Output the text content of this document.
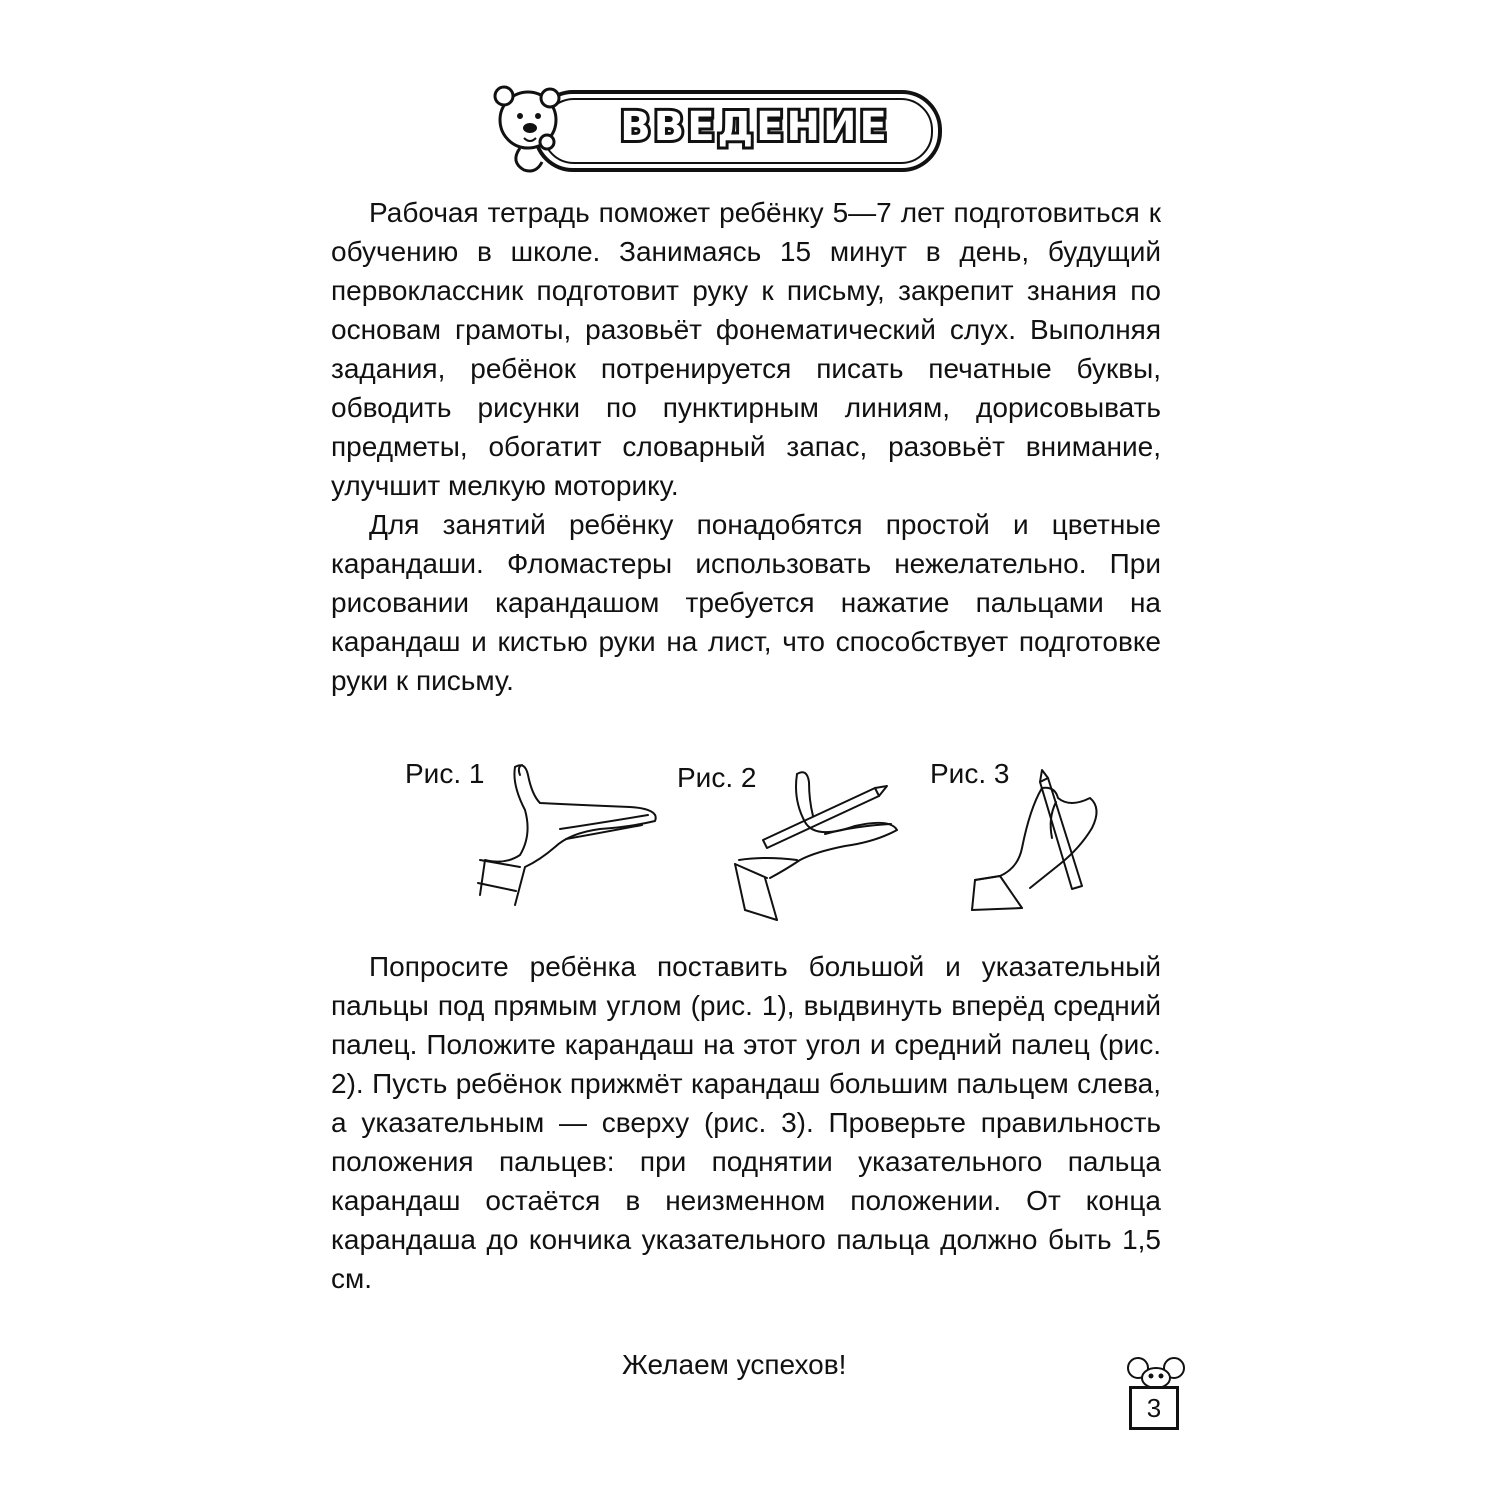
ВВЕДЕНИЕ

Рабочая тетрадь поможет ребёнку 5—7 лет подготовиться к обучению в школе. Занимаясь 15 минут в день, будущий первоклассник подготовит руку к письму, закрепит знания по основам грамоты, разовьёт фонематический слух. Выполняя задания, ребёнок потренируется писать печатные буквы, обводить рисунки по пунктирным линиям, дорисовывать предметы, обогатит словарный запас, разовьёт внимание, улучшит мелкую моторику.

Для занятий ребёнку понадобятся простой и цветные карандаши. Фломастеры использовать нежелательно. При рисовании карандашом требуется нажатие пальцами на карандаш и кистью руки на лист, что способствует подготовке руки к письму.

Рис. 1	Рис. 2	Рис. 3

Попросите ребёнка поставить большой и указательный пальцы под прямым углом (рис. 1), выдвинуть вперёд средний палец. Положите карандаш на этот угол и средний палец (рис. 2). Пусть ребёнок прижмёт карандаш большим пальцем слева, а указательным — сверху (рис. 3). Проверьте правильность положения пальцев: при поднятии указательного пальца карандаш остаётся в неизменном положении. От конца карандаша до кончика указательного пальца должно быть 1,5 см.

Желаем успехов!
3
